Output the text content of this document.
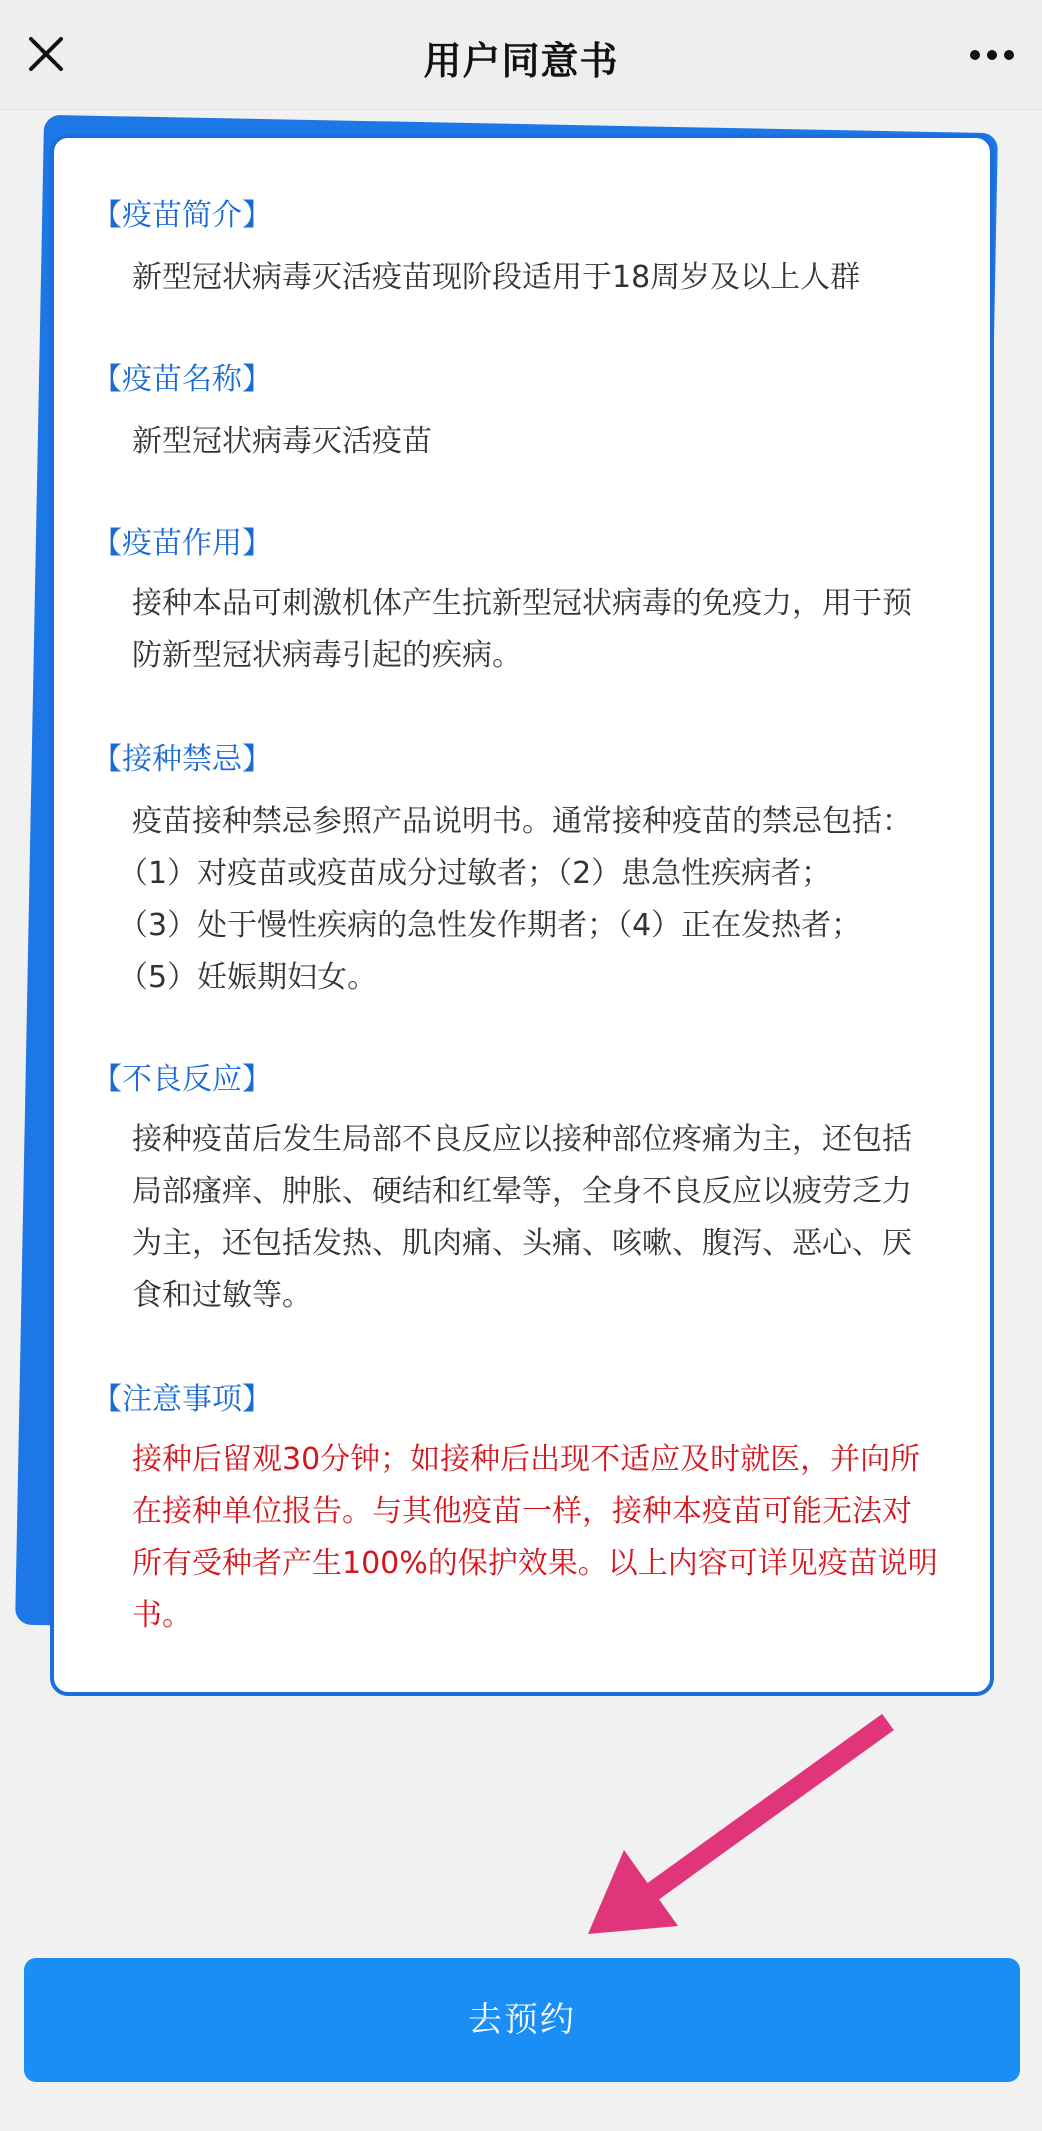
用户同意书
【疫苗简介】

新型冠状病毒灭活疫苗现阶段适用于18周岁及以上人群

【疫苗名称】

新型冠状病毒灭活疫苗

【疫苗作用】

接种本品可刺激机体产生抗新型冠状病毒的免疫力，用于预

防新型冠状病毒引起的疾病。

【接种禁忌】

疫苗接种禁忌参照产品说明书。通常接种疫苗的禁忌包括：

（1）对疫苗或疫苗成分过敏者；（2）患急性疾病者；

（3）处于慢性疾病的急性发作期者；（4）正在发热者；

（5）妊娠期妇女。

【不良反应】

接种疫苗后发生局部不良反应以接种部位疼痛为主，还包括

局部瘙痒、肿胀、硬结和红晕等，全身不良反应以疲劳乏力

为主，还包括发热、肌肉痛、头痛、咳嗽、腹泻、恶心、厌

食和过敏等。

【注意事项】

接种后留观30分钟；如接种后出现不适应及时就医，并向所

在接种单位报告。与其他疫苗一样，接种本疫苗可能无法对

所有受种者产生100%的保护效果。以上内容可详见疫苗说明

书。

去预约
